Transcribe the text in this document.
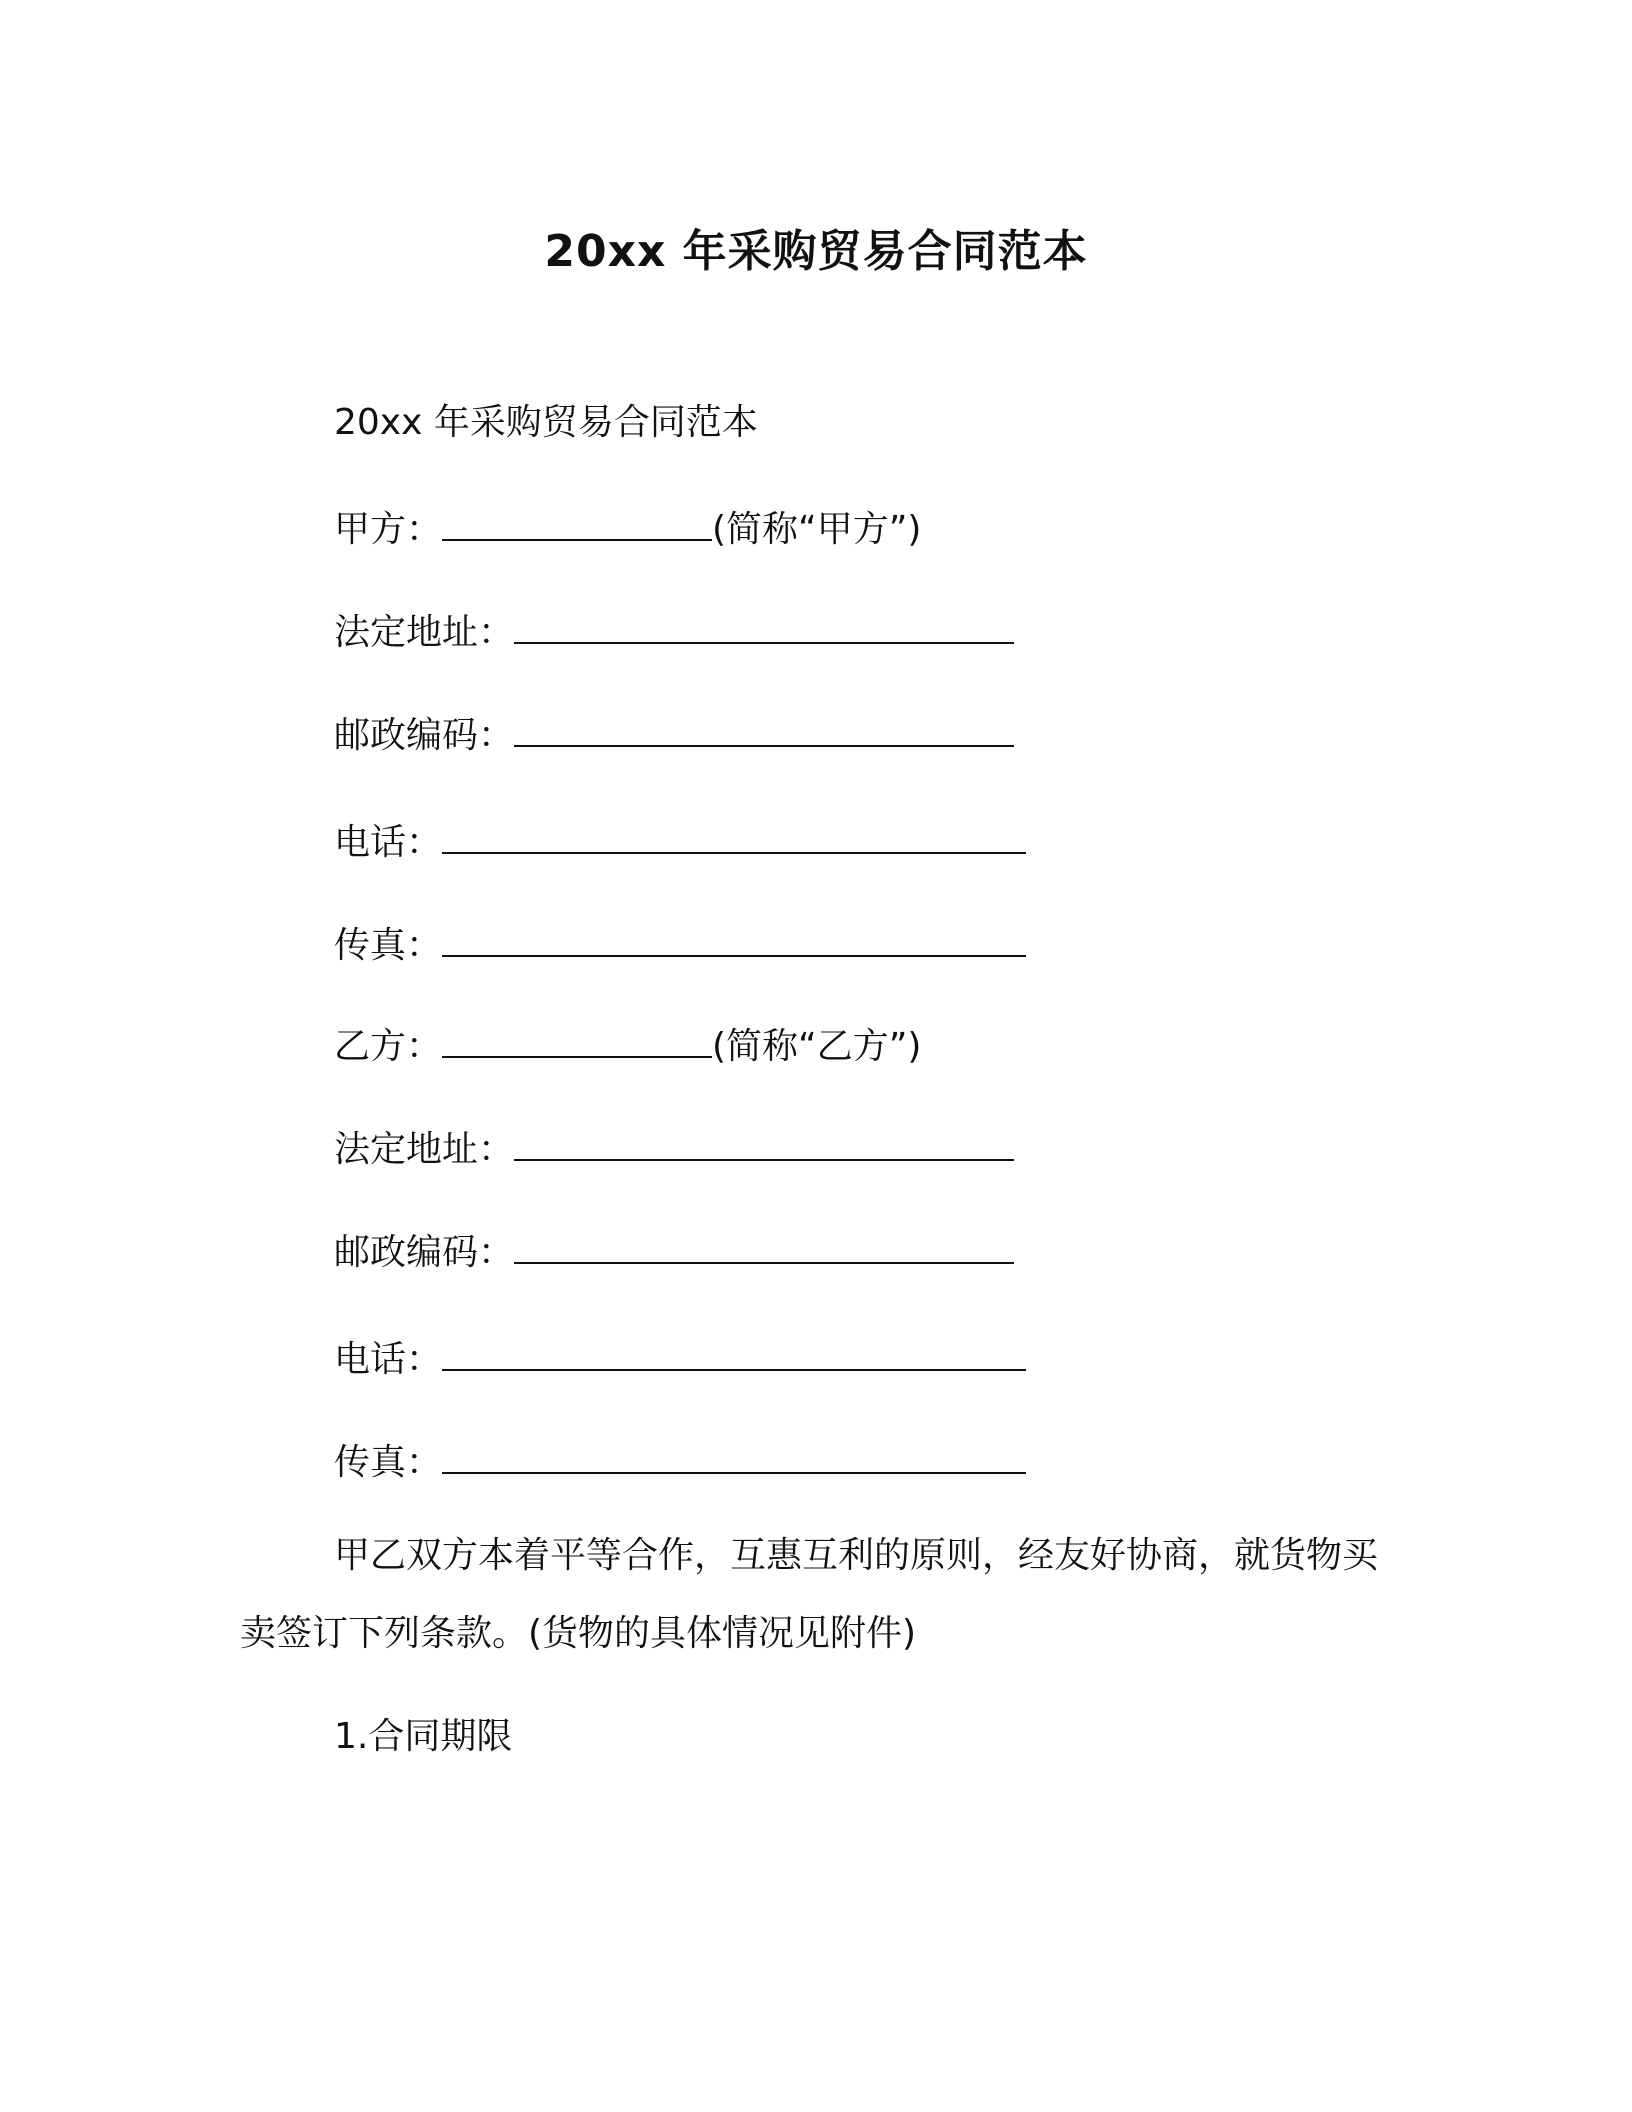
20xx 年采购贸易合同范本
20xx 年采购贸易合同范本
甲方：	(简称“甲方”)
法定地址：
邮政编码：
电话：
传真：
乙方：	(简称“乙方”)
法定地址：
邮政编码：
电话：
传真：
甲乙双方本着平等合作，互惠互利的原则，经友好协商，就货物买卖签订下列条款。(货物的具体情况见附件)
1.合同期限
